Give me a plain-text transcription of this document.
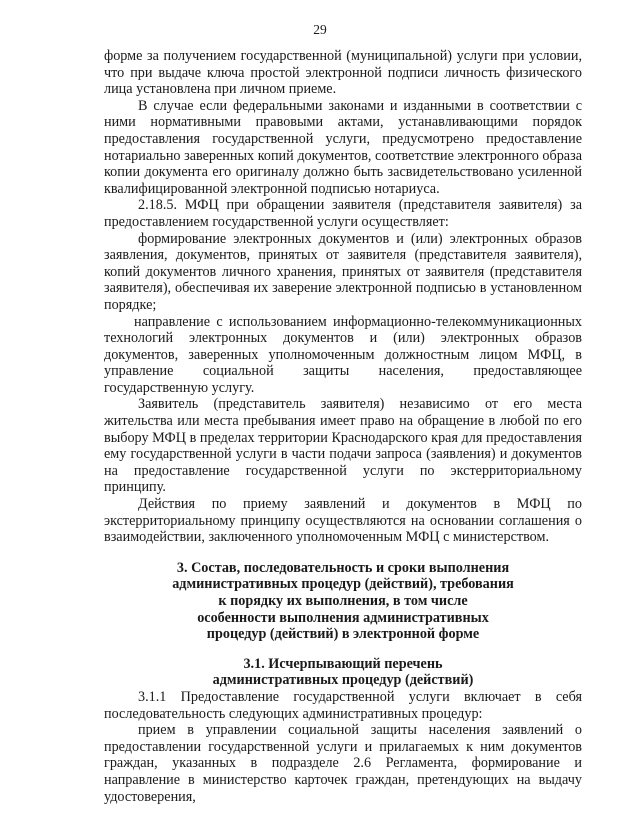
29

форме за получением государственной (муниципальной) услуги при условии, что при выдаче ключа простой электронной подписи личность физического лица установлена при личном приеме.

В случае если федеральными законами и изданными в соответствии с ними нормативными правовыми актами, устанавливающими порядок предоставления государственной услуги, предусмотрено предоставление нотариально заверенных копий документов, соответствие электронного образа копии документа его оригиналу должно быть засвидетельствовано усиленной квалифицированной электронной подписью нотариуса.

2.18.5. МФЦ при обращении заявителя (представителя заявителя) за предоставлением государственной услуги осуществляет:

формирование электронных документов и (или) электронных образов заявления, документов, принятых от заявителя (представителя заявителя), копий документов личного хранения, принятых от заявителя (представителя заявителя), обеспечивая их заверение электронной подписью в установленном порядке;

направление с использованием информационно-телекоммуникационных технологий электронных документов и (или) электронных образов документов, заверенных уполномоченным должностным лицом МФЦ, в управление социальной защиты населения, предоставляющее государственную услугу.

Заявитель (представитель заявителя) независимо от его места жительства или места пребывания имеет право на обращение в любой по его выбору МФЦ в пределах территории Краснодарского края для предоставления ему государственной услуги в части подачи запроса (заявления) и документов на предоставление государственной услуги по экстерриториальному принципу.

Действия по приему заявлений и документов в МФЦ по экстерриториальному принципу осуществляются на основании соглашения о взаимодействии, заключенного уполномоченным МФЦ с министерством.

3. Состав, последовательность и сроки выполнения
административных процедур (действий), требования
к порядку их выполнения, в том числе
особенности выполнения административных
процедур (действий) в электронной форме
3.1. Исчерпывающий перечень
административных процедур (действий)

3.1.1 Предоставление государственной услуги включает в себя последовательность следующих административных процедур:

прием в управлении социальной защиты населения заявлений о предоставлении государственной услуги и прилагаемых к ним документов граждан, указанных в подразделе 2.6 Регламента, формирование и направление в министерство карточек граждан, претендующих на выдачу удостоверения,
